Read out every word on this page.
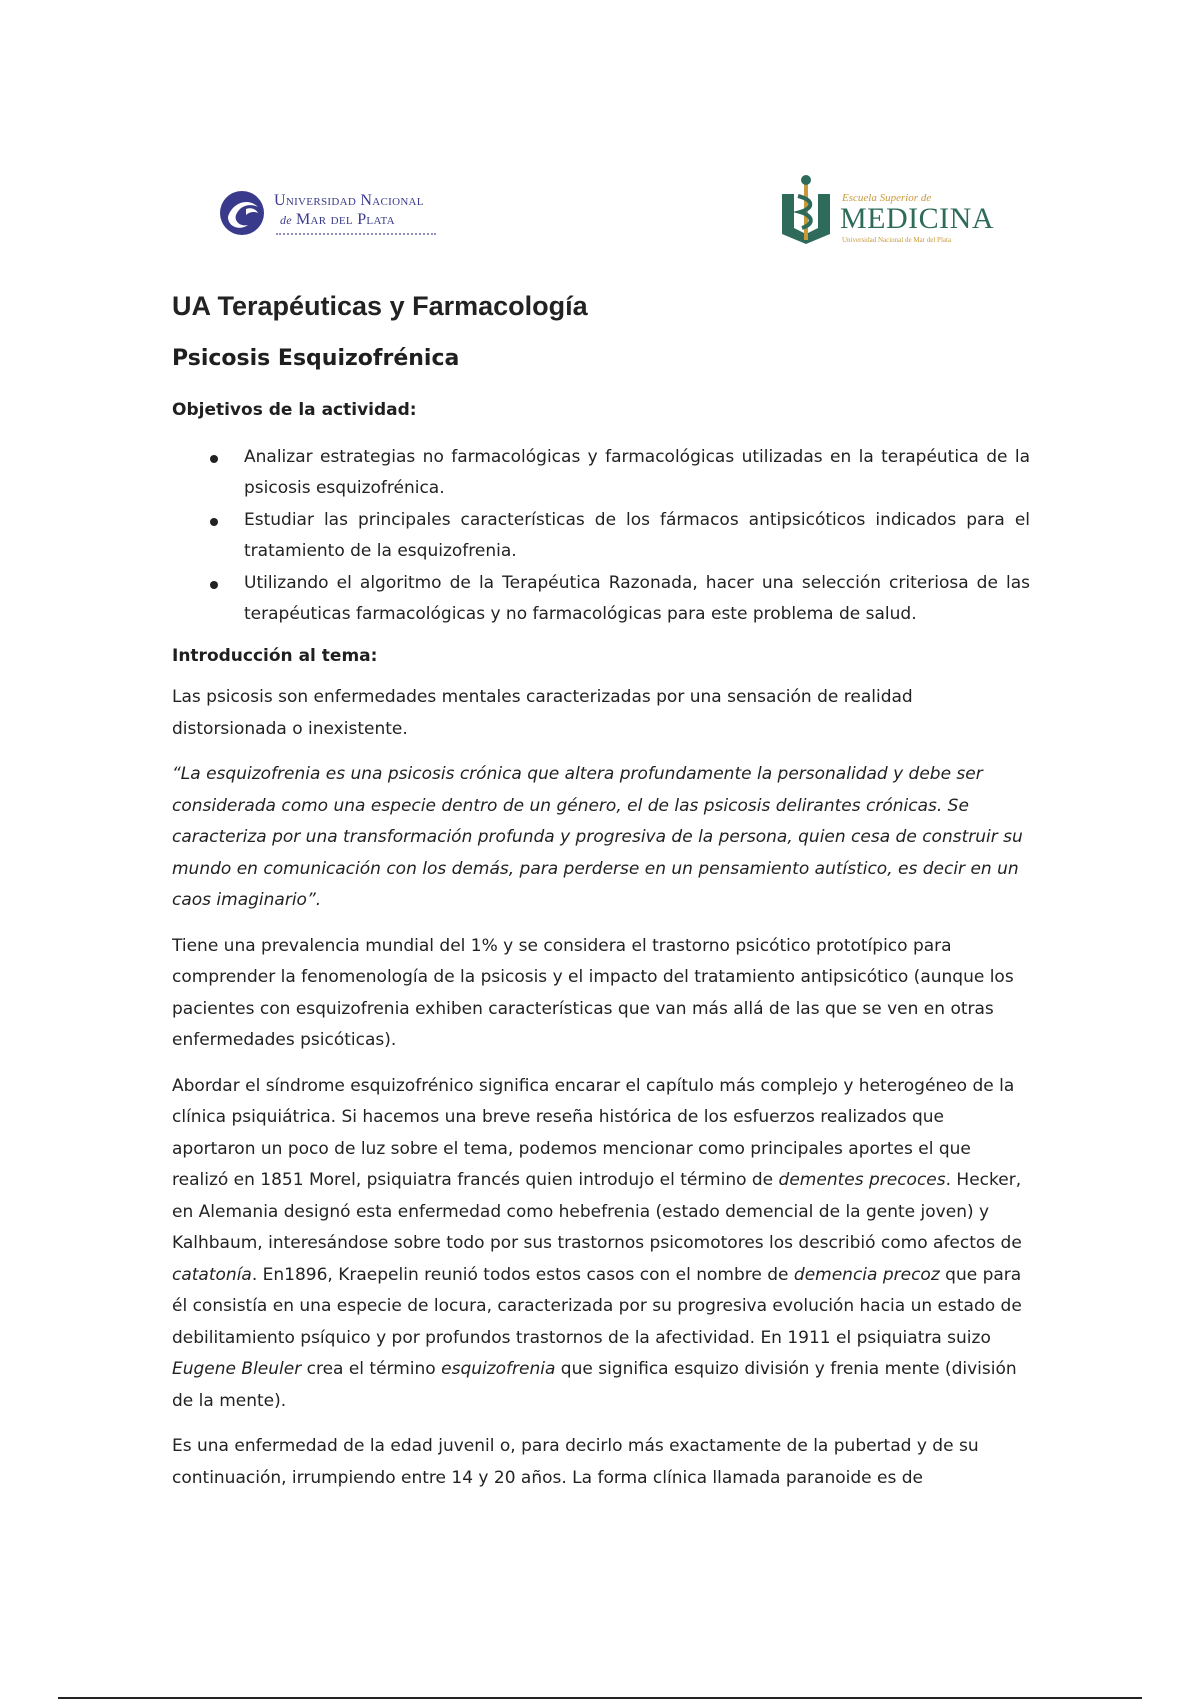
Universidad Nacional
de Mar del Plata
Escuela Superior de
MEDICINA
Universidad Nacional de Mar del Plata
UA Terapéuticas y Farmacología
Psicosis Esquizofrénica
Objetivos de la actividad:
Analizar estrategias no farmacológicas y farmacológicas utilizadas en la terapéutica de la psicosis esquizofrénica.
Estudiar las principales características de los fármacos antipsicóticos indicados para el tratamiento de la esquizofrenia.
Utilizando el algoritmo de la Terapéutica Razonada, hacer una selección criteriosa de las terapéuticas farmacológicas y no farmacológicas para este problema de salud.
Introducción al tema:

Las psicosis son enfermedades mentales caracterizadas por una sensación de realidad distorsionada o inexistente.

“La esquizofrenia es una psicosis crónica que altera profundamente la personalidad y debe ser considerada como una especie dentro de un género, el de las psicosis delirantes crónicas. Se caracteriza por una transformación profunda y progresiva de la persona, quien cesa de construir su mundo en comunicación con los demás, para perderse en un pensamiento autístico, es decir en un caos imaginario”.

Tiene una prevalencia mundial del 1% y se considera el trastorno psicótico prototípico para comprender la fenomenología de la psicosis y el impacto del tratamiento antipsicótico (aunque los pacientes con esquizofrenia exhiben características que van más allá de las que se ven en otras enfermedades psicóticas).

Abordar el síndrome esquizofrénico significa encarar el capítulo más complejo y heterogéneo de la clínica psiquiátrica. Si hacemos una breve reseña histórica de los esfuerzos realizados que aportaron un poco de luz sobre el tema, podemos mencionar como principales aportes el que realizó en 1851 Morel, psiquiatra francés quien introdujo el término de dementes precoces. Hecker, en Alemania designó esta enfermedad como hebefrenia (estado demencial de la gente joven) y Kalhbaum, interesándose sobre todo por sus trastornos psicomotores los describió como afectos de catatonía. En1896, Kraepelin reunió todos estos casos con el nombre de demencia precoz que para él consistía en una especie de locura, caracterizada por su progresiva evolución hacia un estado de debilitamiento psíquico y por profundos trastornos de la afectividad. En 1911 el psiquiatra suizo Eugene Bleuler crea el término esquizofrenia que significa esquizo división y frenia mente (división de la mente).

Es una enfermedad de la edad juvenil o, para decirlo más exactamente de la pubertad y de su continuación, irrumpiendo entre 14 y 20 años. La forma clínica llamada paranoide es de
